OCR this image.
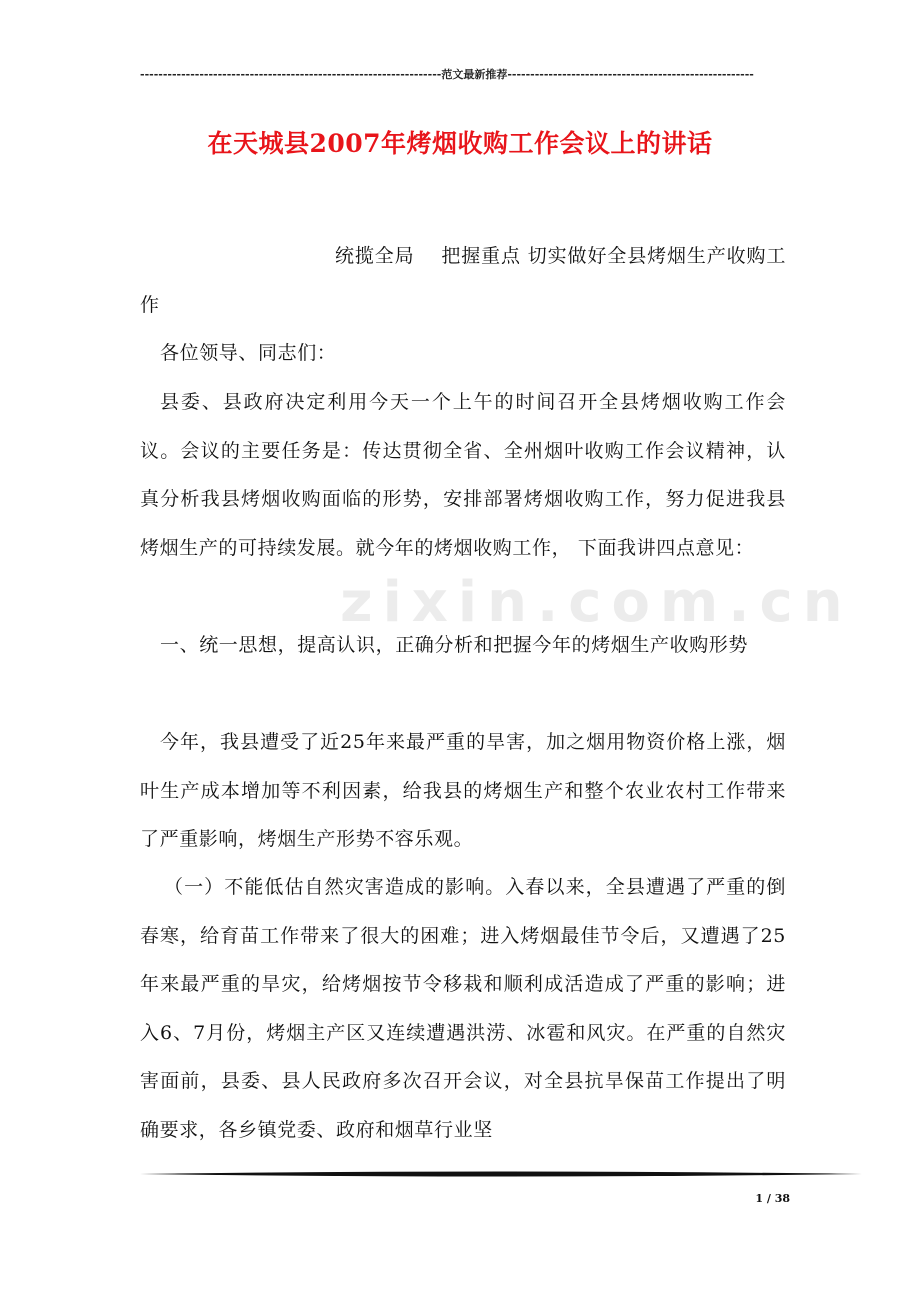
------------------------------------------------------------------范文最新推荐------------------------------------------------------
zixin.com.cn
在天城县2007年烤烟收购工作会议上的讲话

统揽全局　 把握重点 切实做好全县烤烟生产收购工作

各位领导、同志们：

县委、县政府决定利用今天一个上午的时间召开全县烤烟收购工作会议。会议的主要任务是：传达贯彻全省、全州烟叶收购工作会议精神，认真分析我县烤烟收购面临的形势，安排部署烤烟收购工作，努力促进我县烤烟生产的可持续发展。就今年的烤烟收购工作， 下面我讲四点意见：

一、统一思想，提高认识，正确分析和把握今年的烤烟生产收购形势

今年，我县遭受了近25年来最严重的旱害，加之烟用物资价格上涨，烟叶生产成本增加等不利因素，给我县的烤烟生产和整个农业农村工作带来了严重影响，烤烟生产形势不容乐观。

（一）不能低估自然灾害造成的影响。入春以来，全县遭遇了严重的倒春寒，给育苗工作带来了很大的困难；进入烤烟最佳节令后，又遭遇了25年来最严重的旱灾，给烤烟按节令移栽和顺利成活造成了严重的影响；进入6、7月份，烤烟主产区又连续遭遇洪涝、冰雹和风灾。在严重的自然灾害面前，县委、县人民政府多次召开会议，对全县抗旱保苗工作提出了明确要求，各乡镇党委、政府和烟草行业坚

1 / 38
